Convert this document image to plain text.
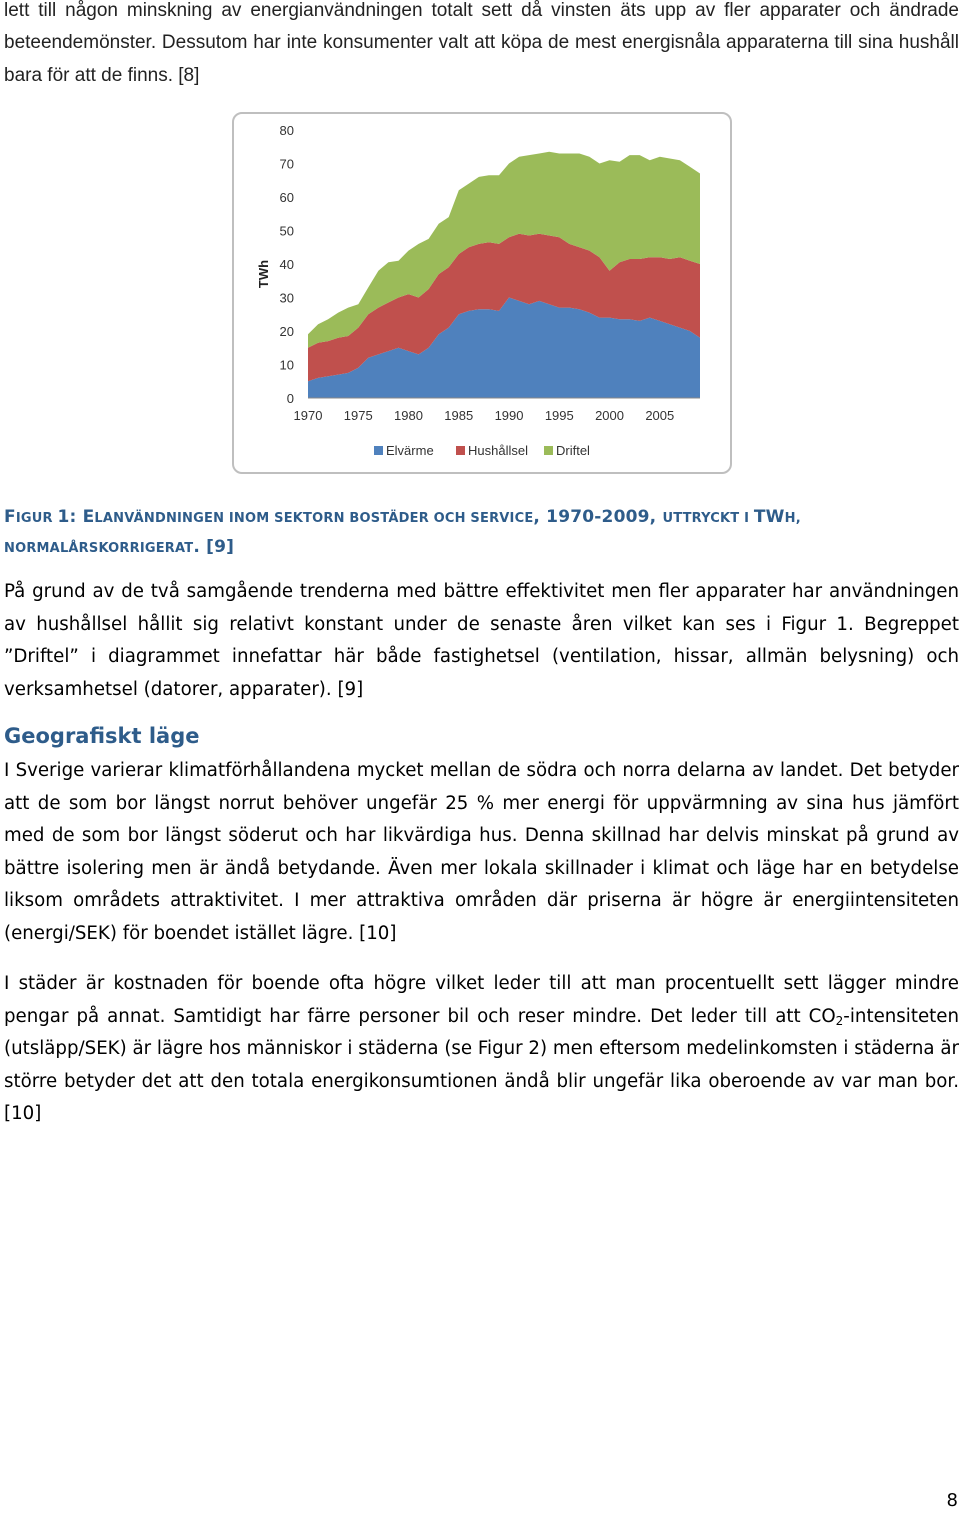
lett till någon minskning av energianvändningen totalt sett då vinsten äts upp av fler apparater och ändrade beteendemönster. Dessutom har inte konsumenter valt att köpa de mest energisnåla apparaterna till sina hushåll bara för att de finns. [8]

0
10
20
30
40
50
60
70
80
1970 1975 1980 1985 1990 1995 2000 2005
TWh
Elvärme	Hushållsel Driftel
FIGUR 1: ELANVÄNDNINGEN INOM SEKTORN BOSTÄDER OCH SERVICE, 1970-2009, UTTRYCKT I TWH,
NORMALÅRSKORRIGERAT. [9]

På grund av de två samgående trenderna med bättre effektivitet men fler apparater har användningen av hushållsel hållit sig relativt konstant under de senaste åren vilket kan ses i Figur 1. Begreppet ”Driftel” i diagrammet innefattar här både fastighetsel (ventilation, hissar, allmän belysning) och verksamhetsel (datorer, apparater). [9]

Geografiskt läge

I Sverige varierar klimatförhållandena mycket mellan de södra och norra delarna av landet. Det betyder att de som bor längst norrut behöver ungefär 25 % mer energi för uppvärmning av sina hus jämfört med de som bor längst söderut och har likvärdiga hus. Denna skillnad har delvis minskat på grund av bättre isolering men är ändå betydande. Även mer lokala skillnader i klimat och läge har en betydelse liksom områdets attraktivitet. I mer attraktiva områden där priserna är högre är energiintensiteten (energi/SEK) för boendet istället lägre. [10]

I städer är kostnaden för boende ofta högre vilket leder till att man procentuellt sett lägger mindre pengar på annat. Samtidigt har färre personer bil och reser mindre. Det leder till att $CO_2$-intensiteten (utsläpp/SEK) är lägre hos människor i städerna (se Figur 2) men eftersom medelinkomsten i städerna är större betyder det att den totala energikonsumtionen ändå blir ungefär lika oberoende av var man bor. [10]

8
